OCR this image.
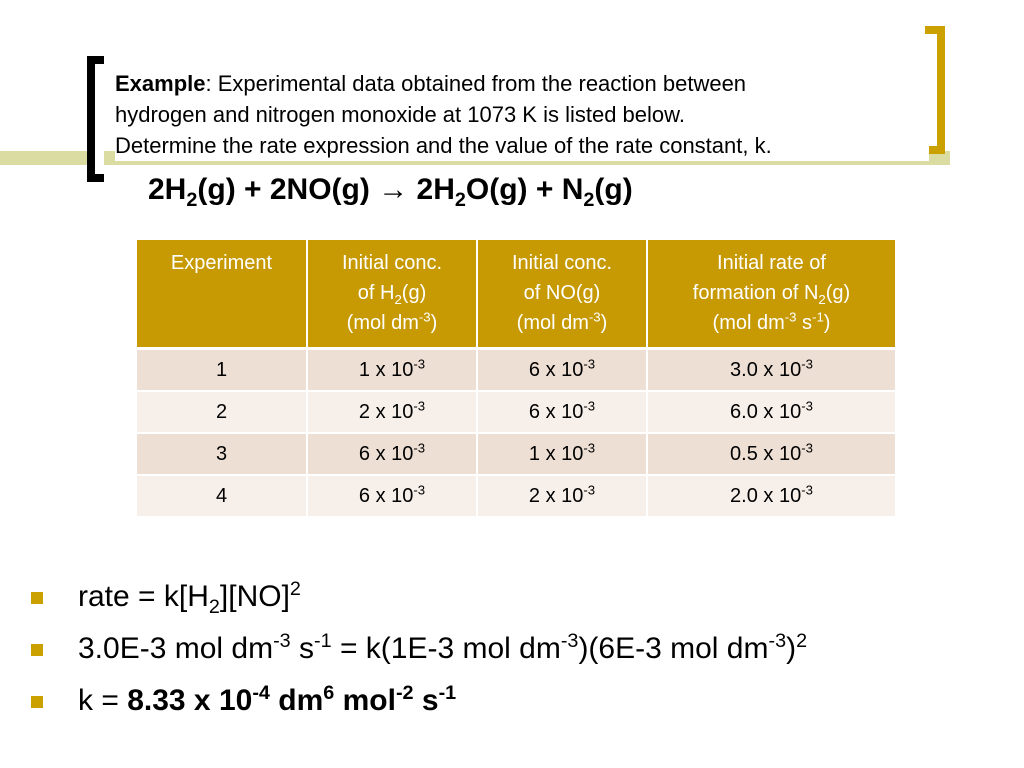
Example: Experimental data obtained from the reaction between
hydrogen and nitrogen monoxide at 1073 K is listed below.
Determine the rate expression and the value of the rate constant, k.
$2H_2(g) + 2NO(g) \to 2H_2O(g) + N_2(g)$
Experiment	Initial conc.
of $H_2(g)$
(mol $dm^{-3}$)	Initial conc.
of NO(g)
(mol $dm^{-3}$)	Initial rate of
formation of $N_2(g)$
(mol $dm^{-3}$ $s^{-1}$)
1	1 x $10^{-3}$	6 x $10^{-3}$	3.0 x $10^{-3}$
2	2 x $10^{-3}$	6 x $10^{-3}$	6.0 x $10^{-3}$
3	6 x $10^{-3}$	1 x $10^{-3}$	0.5 x $10^{-3}$
4	6 x $10^{-3}$	2 x $10^{-3}$	2.0 x $10^{-3}$
rate = $k[H_2][NO]^2$
3.0E-3 mol $dm^{-3}$ $s^{-1} = k(1E-3$ mol $dm^{-3})(6E-3$ mol $dm^{-3})^2$
k = 8.33 x $10^{-4}$ $dm^6$ mol$^{-2}$ $s^{-1}$
